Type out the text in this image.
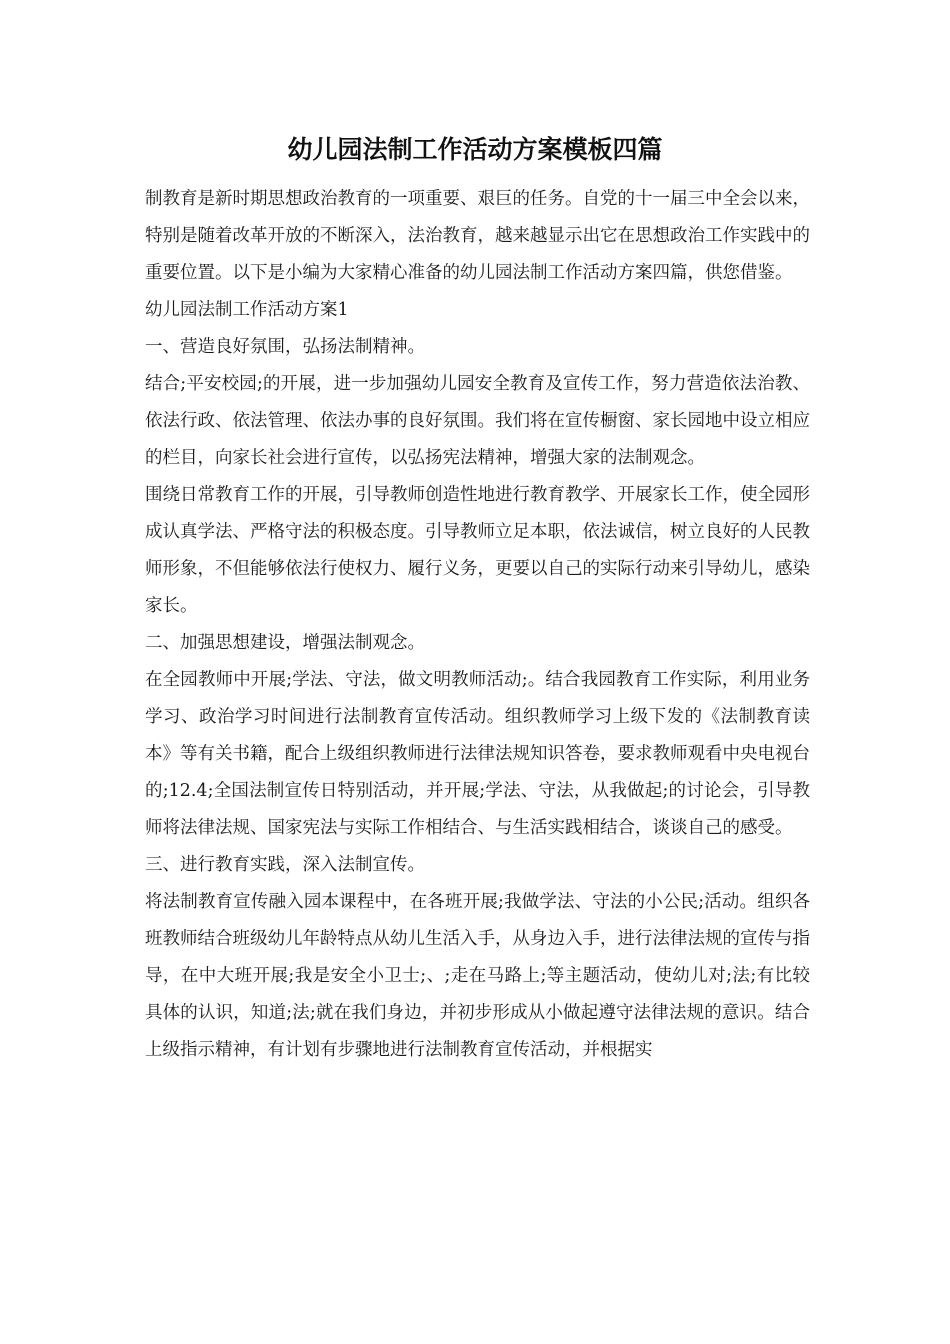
幼儿园法制工作活动方案模板四篇

制教育是新时期思想政治教育的一项重要、艰巨的任务。自党的十一届三中全会以来，特别是随着改革开放的不断深入，法治教育，越来越显示出它在思想政治工作实践中的重要位置。以下是小编为大家精心准备的幼儿园法制工作活动方案四篇，供您借鉴。

幼儿园法制工作活动方案1

一、营造良好氛围，弘扬法制精神。

结合;平安校园;的开展，进一步加强幼儿园安全教育及宣传工作，努力营造依法治教、依法行政、依法管理、依法办事的良好氛围。我们将在宣传橱窗、家长园地中设立相应的栏目，向家长社会进行宣传，以弘扬宪法精神，增强大家的法制观念。

围绕日常教育工作的开展，引导教师创造性地进行教育教学、开展家长工作，使全园形成认真学法、严格守法的积极态度。引导教师立足本职，依法诚信，树立良好的人民教师形象，不但能够依法行使权力、履行义务，更要以自己的实际行动来引导幼儿，感染家长。

二、加强思想建设，增强法制观念。

在全园教师中开展;学法、守法，做文明教师活动;。结合我园教育工作实际，利用业务学习、政治学习时间进行法制教育宣传活动。组织教师学习上级下发的《法制教育读本》等有关书籍，配合上级组织教师进行法律法规知识答卷，要求教师观看中央电视台的;12.4;全国法制宣传日特别活动，并开展;学法、守法，从我做起;的讨论会，引导教师将法律法规、国家宪法与实际工作相结合、与生活实践相结合，谈谈自己的感受。

三、进行教育实践，深入法制宣传。

将法制教育宣传融入园本课程中，在各班开展;我做学法、守法的小公民;活动。组织各班教师结合班级幼儿年龄特点从幼儿生活入手，从身边入手，进行法律法规的宣传与指

导，在中大班开展;我是安全小卫士;、;走在马路上;等主题活动，使幼儿对;法;有比较具体的认识，知道;法;就在我们身边，并初步形成从小做起遵守法律法规的意识。结合上级指示精神，有计划有步骤地进行法制教育宣传活动，并根据实
